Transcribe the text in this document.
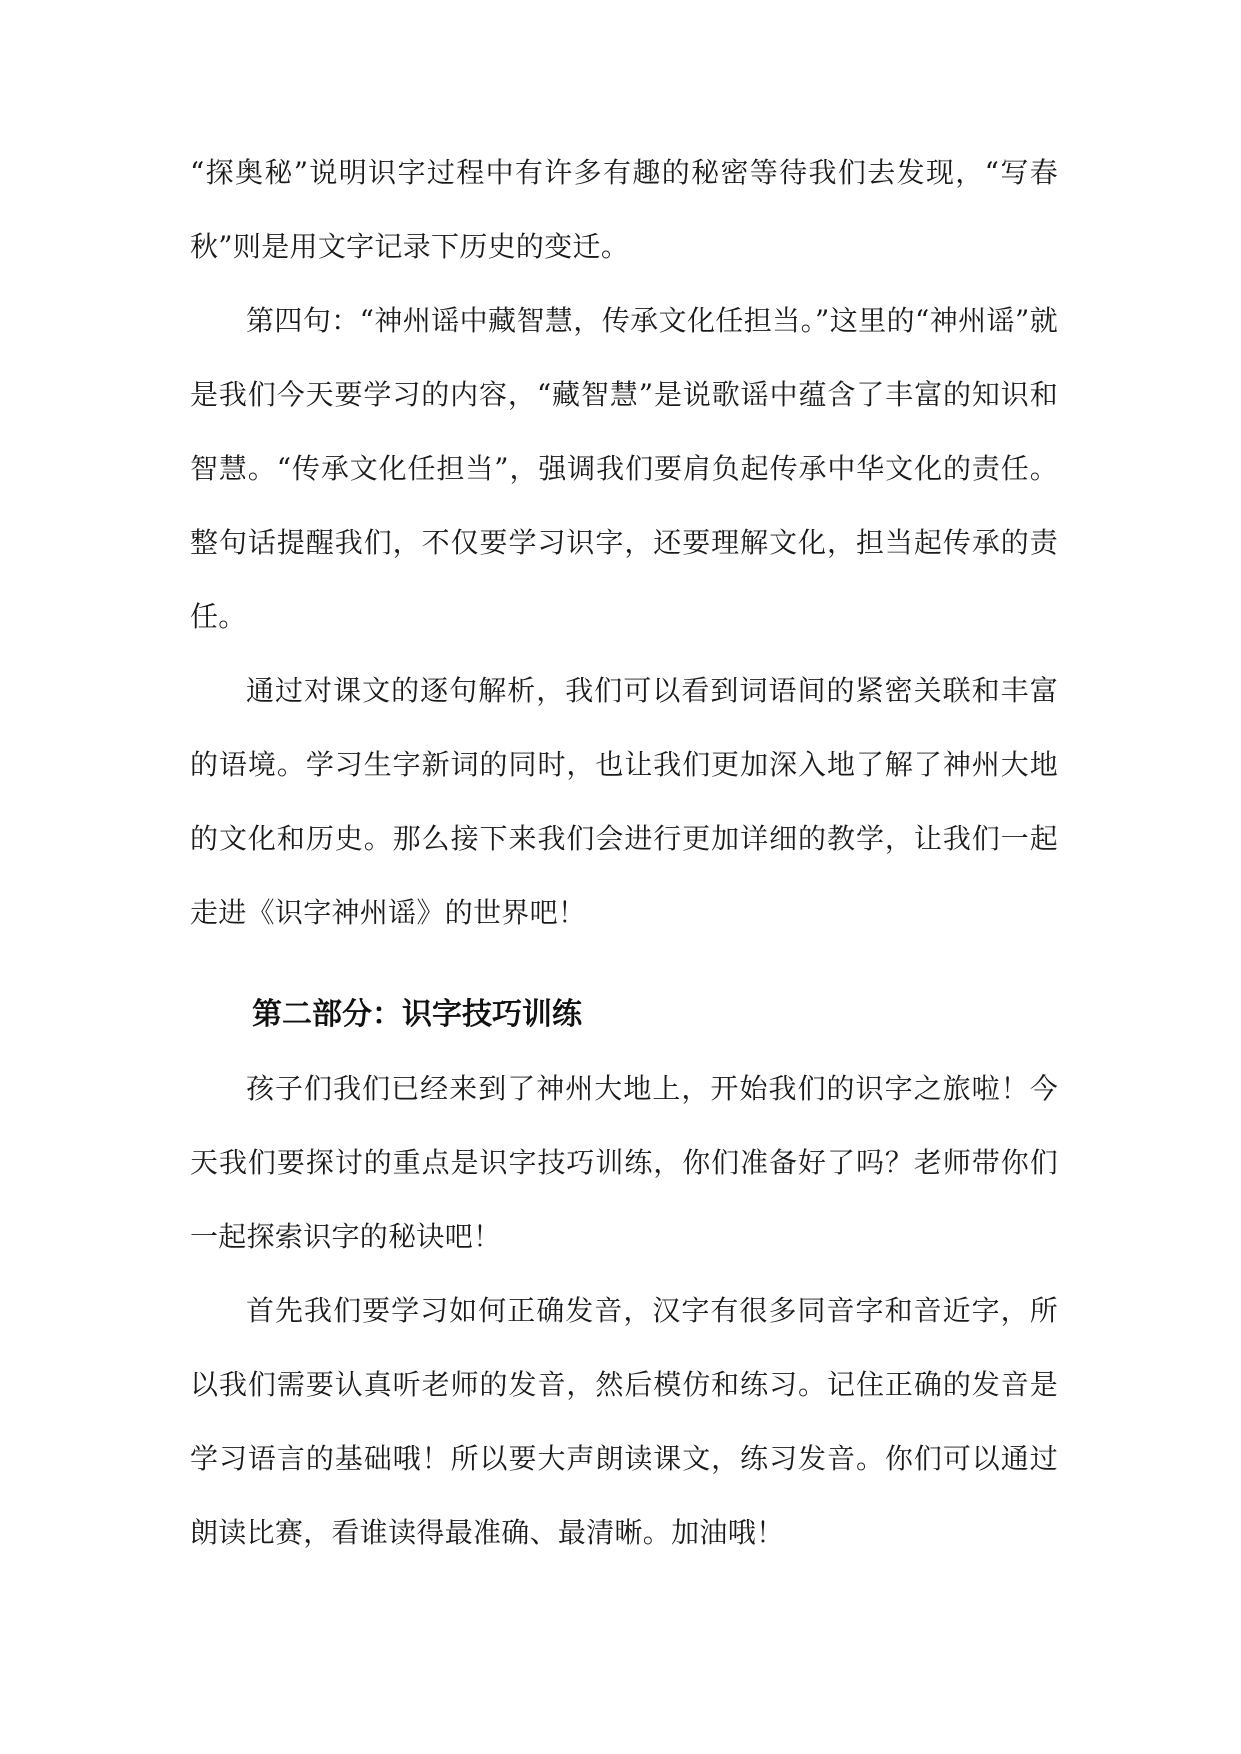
“探奥秘”说明识字过程中有许多有趣的秘密等待我们去发现，“写春秋”则是用文字记录下历史的变迁。

第四句：“神州谣中藏智慧，传承文化任担当。”这里的“神州谣”就是我们今天要学习的内容，“藏智慧”是说歌谣中蕴含了丰富的知识和智慧。“传承文化任担当”，强调我们要肩负起传承中华文化的责任。整句话提醒我们，不仅要学习识字，还要理解文化，担当起传承的责任。

通过对课文的逐句解析，我们可以看到词语间的紧密关联和丰富的语境。学习生字新词的同时，也让我们更加深入地了解了神州大地的文化和历史。那么接下来我们会进行更加详细的教学，让我们一起走进《识字神州谣》的世界吧！

第二部分：识字技巧训练

孩子们我们已经来到了神州大地上，开始我们的识字之旅啦！今天我们要探讨的重点是识字技巧训练，你们准备好了吗？老师带你们一起探索识字的秘诀吧！

首先我们要学习如何正确发音，汉字有很多同音字和音近字，所以我们需要认真听老师的发音，然后模仿和练习。记住正确的发音是学习语言的基础哦！所以要大声朗读课文，练习发音。你们可以通过朗读比赛，看谁读得最准确、最清晰。加油哦！
